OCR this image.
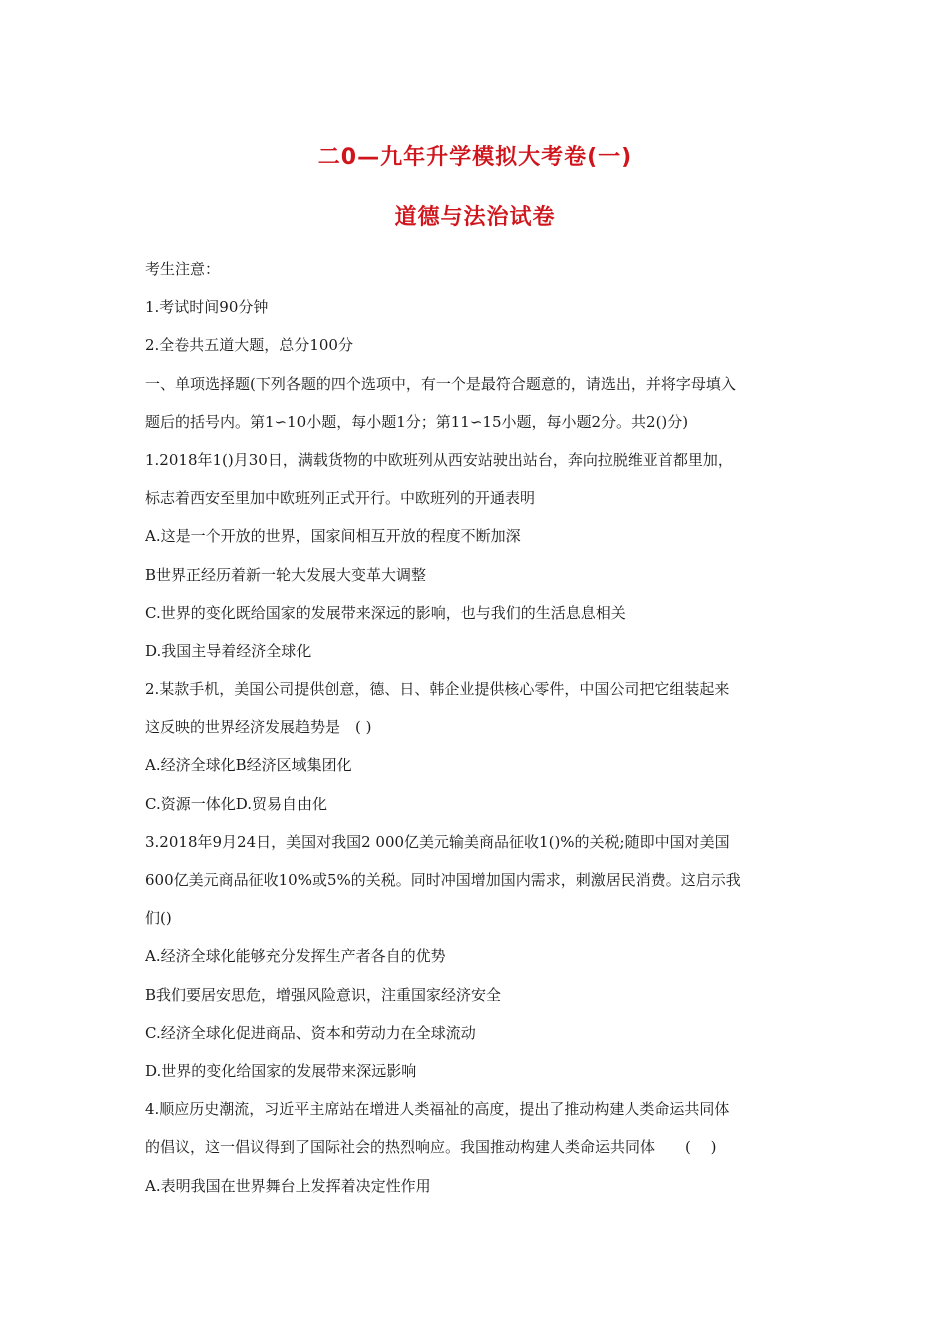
二0—九年升学模拟大考卷(一)
道德与法治试卷
考生注意：
1.考试时间90分钟
2.全卷共五道大题，总分100分
一、单项选择题(下列各题的四个选项中，有一个是最符合题意的，请选出，并将字母填入
题后的括号内。第1∽10小题，每小题1分；第11∽15小题，每小题2分。共2()分)
1.2018年1()月30日，满载货物的中欧班列从西安站驶出站台，奔向拉脱维亚首都里加，
标志着西安至里加中欧班列正式开行。中欧班列的开通表明
A.这是一个开放的世界，国家间相互开放的程度不断加深
B世界正经历着新一轮大发展大变革大调整
C.世界的变化既给国家的发展带来深远的影响，也与我们的生活息息相关
D.我国主导着经济全球化
2.某款手机，美国公司提供创意，德、日、韩企业提供核心零件，中国公司把它组装起来
这反映的世界经济发展趋势是　( )
A.经济全球化B经济区域集团化
C.资源一体化D.贸易自由化
3.2018年9月24日，美国对我国2 000亿美元输美商品征收1()%的关税;随即中国对美国
600亿美元商品征收10%或5%的关税。同时冲国增加国内需求，刺激居民消费。这启示我
们()
A.经济全球化能够充分发挥生产者各自的优势
B我们要居安思危，增强风险意识，注重国家经济安全
C.经济全球化促进商品、资本和劳动力在全球流动
D.世界的变化给国家的发展带来深远影响
4.顺应历史潮流，习近平主席站在增进人类福祉的高度，提出了推动构建人类命运共同体
的倡议，这一倡议得到了国际社会的热烈响应。我国推动构建人类命运共同体　　(　 )
A.表明我国在世界舞台上发挥着决定性作用
